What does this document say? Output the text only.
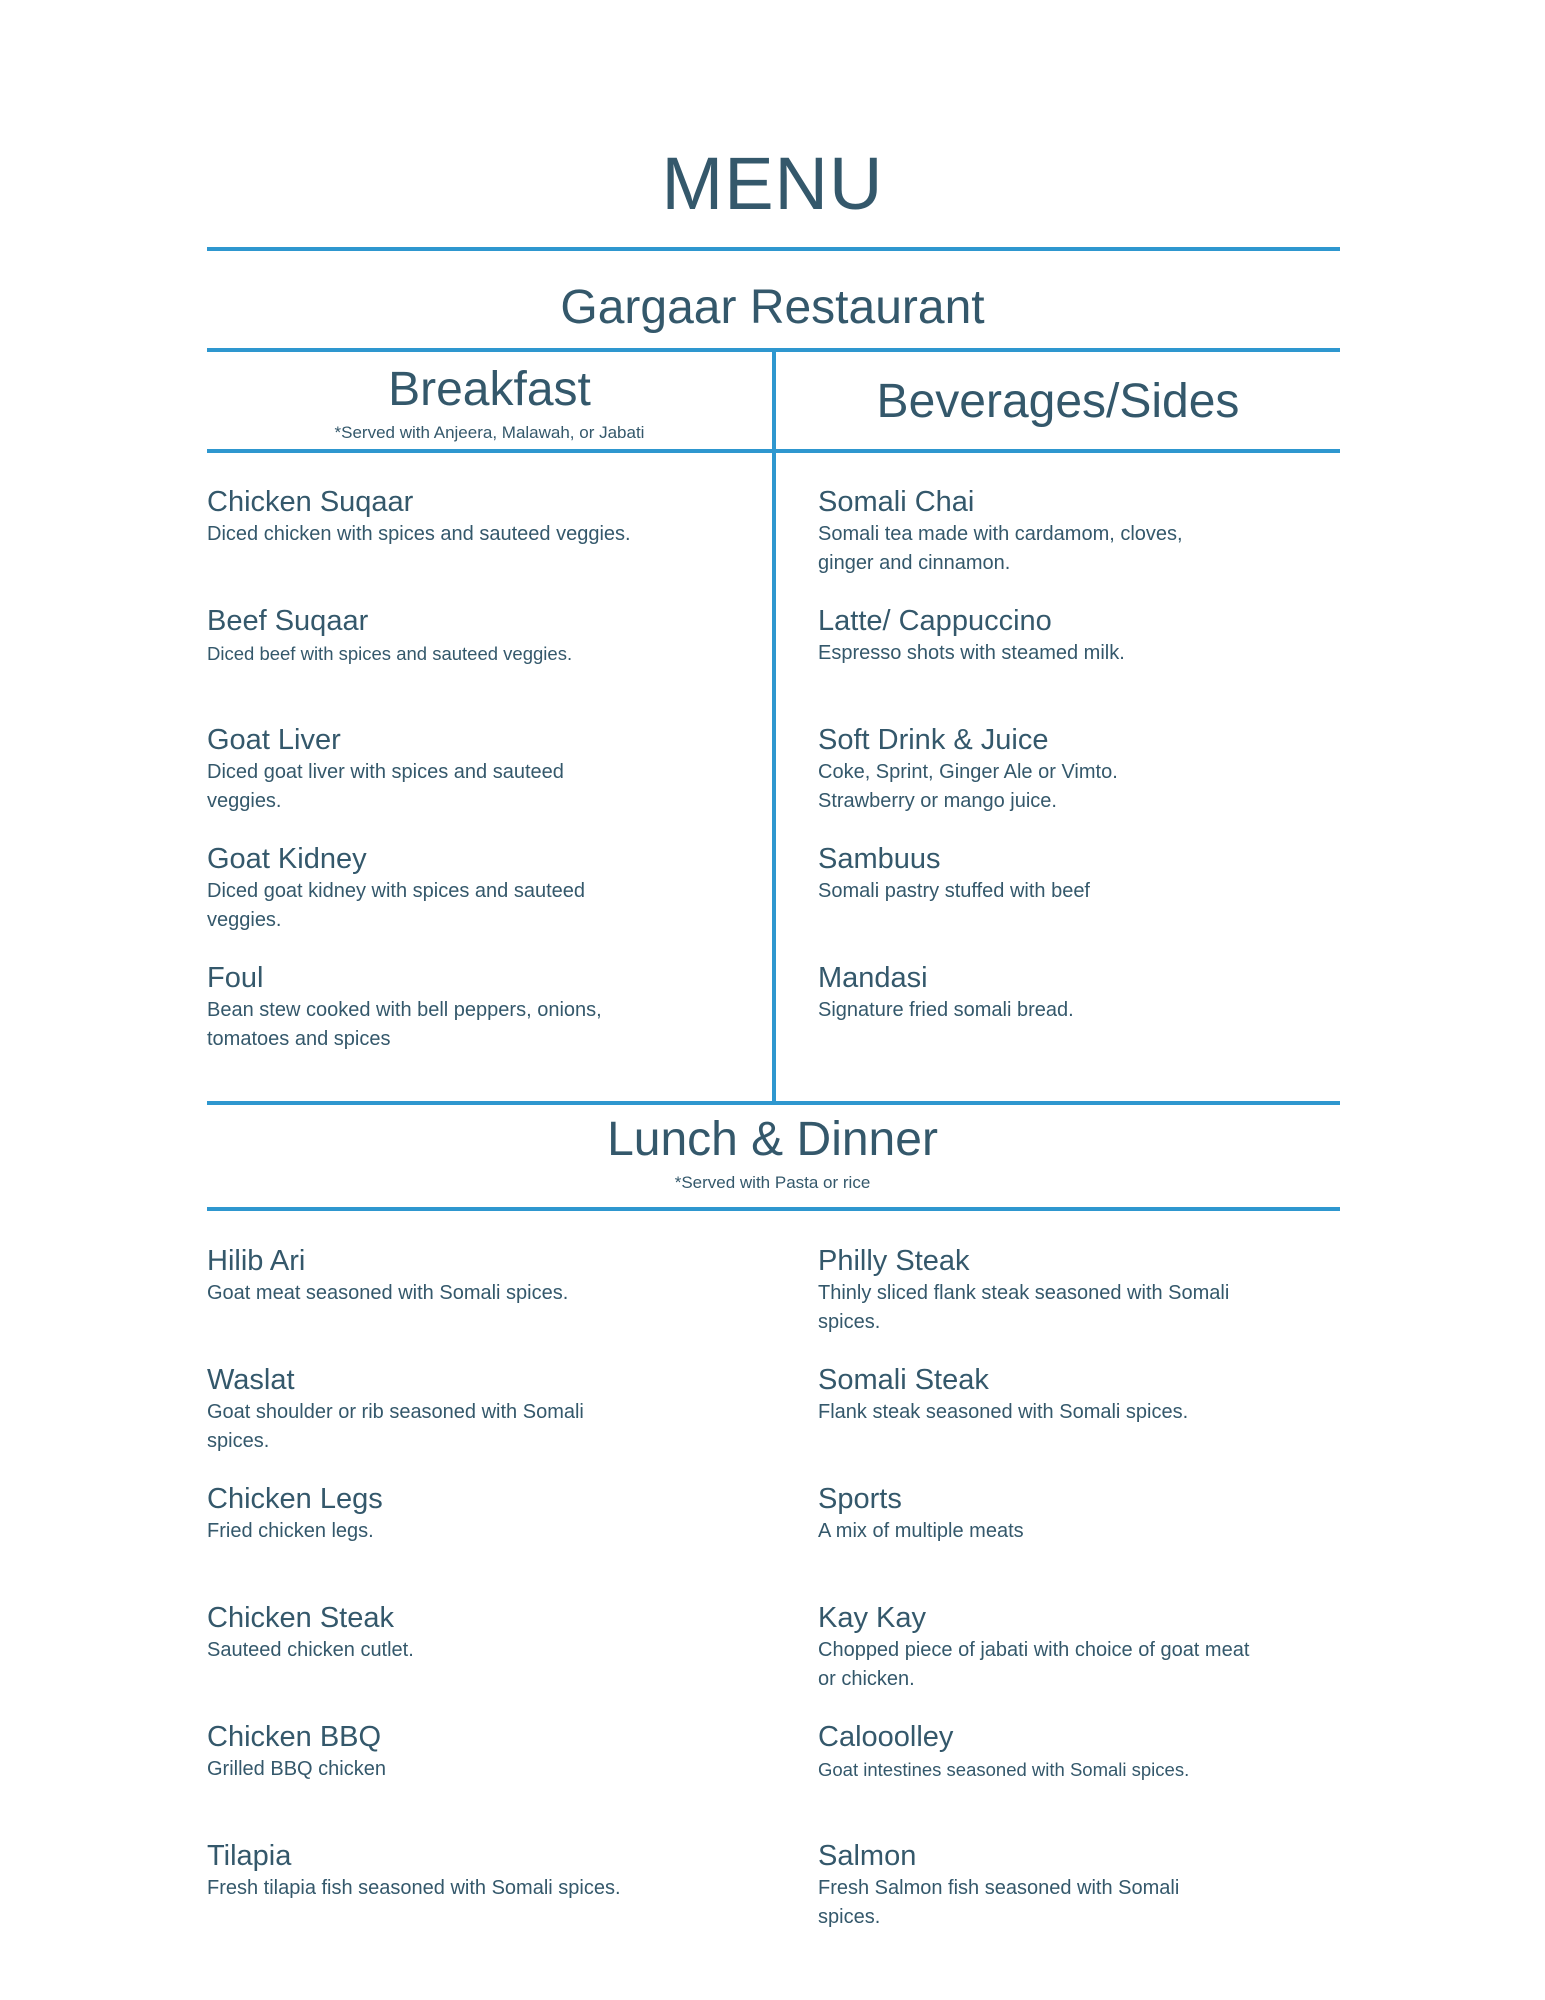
MENU
Gargaar Restaurant
Breakfast
*Served with Anjeera, Malawah, or Jabati
Beverages/Sides
Chicken Suqaar
Diced chicken with spices and sauteed veggies.
Beef Suqaar
Diced beef with spices and sauteed veggies.
Goat Liver
Diced goat liver with spices and sauteed veggies.
Goat Kidney
Diced goat kidney with spices and sauteed veggies.
Foul
Bean stew cooked with bell peppers, onions, tomatoes and spices
Somali Chai
Somali tea made with cardamom, cloves, ginger and cinnamon.
Latte/ Cappuccino
Espresso shots with steamed milk.
Soft Drink & Juice
Coke, Sprint, Ginger Ale or Vimto. Strawberry or mango juice.
Sambuus
Somali pastry stuffed with beef
Mandasi
Signature fried somali bread.
Lunch & Dinner
*Served with Pasta or rice
Hilib Ari
Goat meat seasoned with Somali spices.
Waslat
Goat shoulder or rib seasoned with Somali spices.
Chicken Legs
Fried chicken legs.
Chicken Steak
Sauteed chicken cutlet.
Chicken BBQ
Grilled BBQ chicken
Tilapia
Fresh tilapia fish seasoned with Somali spices.
Philly Steak
Thinly sliced flank steak seasoned with Somali spices.
Somali Steak
Flank steak seasoned with Somali spices.
Sports
A mix of multiple meats
Kay Kay
Chopped piece of jabati with choice of goat meat or chicken.
Calooolley
Goat intestines seasoned with Somali spices.
Salmon
Fresh Salmon fish seasoned with Somali spices.
